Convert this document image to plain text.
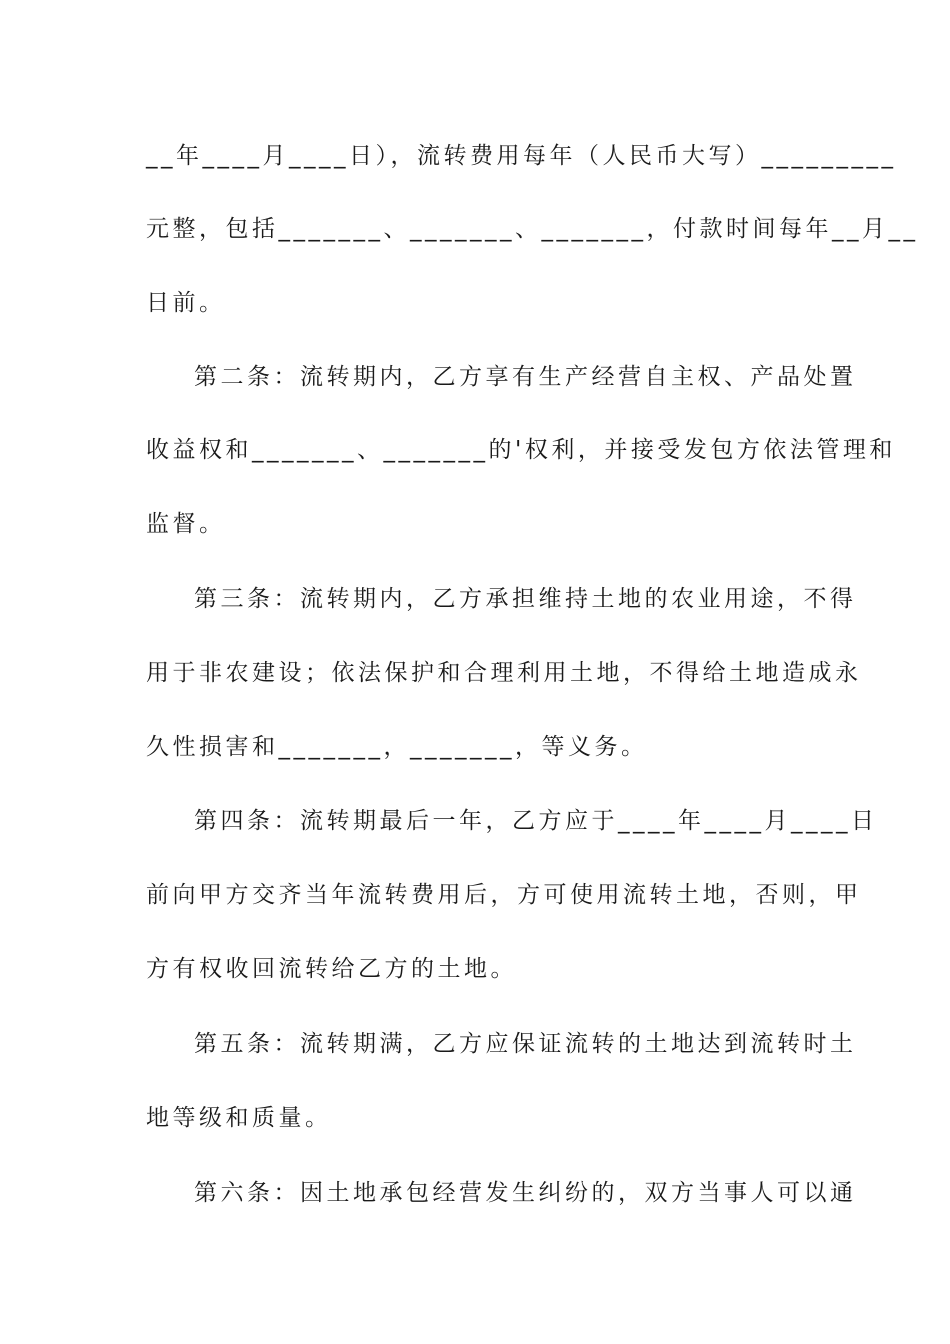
__年____月____日），流转费用每年（人民币大写）_________
元整，包括_______、_______、_______，付款时间每年__月__
日前。
第二条：流转期内，乙方享有生产经营自主权、产品处置
收益权和_______、_______的'权利，并接受发包方依法管理和
监督。
第三条：流转期内，乙方承担维持土地的农业用途，不得
用于非农建设；依法保护和合理利用土地，不得给土地造成永
久性损害和_______，_______，等义务。
第四条：流转期最后一年，乙方应于____年____月____日
前向甲方交齐当年流转费用后，方可使用流转土地，否则，甲
方有权收回流转给乙方的土地。
第五条：流转期满，乙方应保证流转的土地达到流转时土
地等级和质量。
第六条：因土地承包经营发生纠纷的，双方当事人可以通
